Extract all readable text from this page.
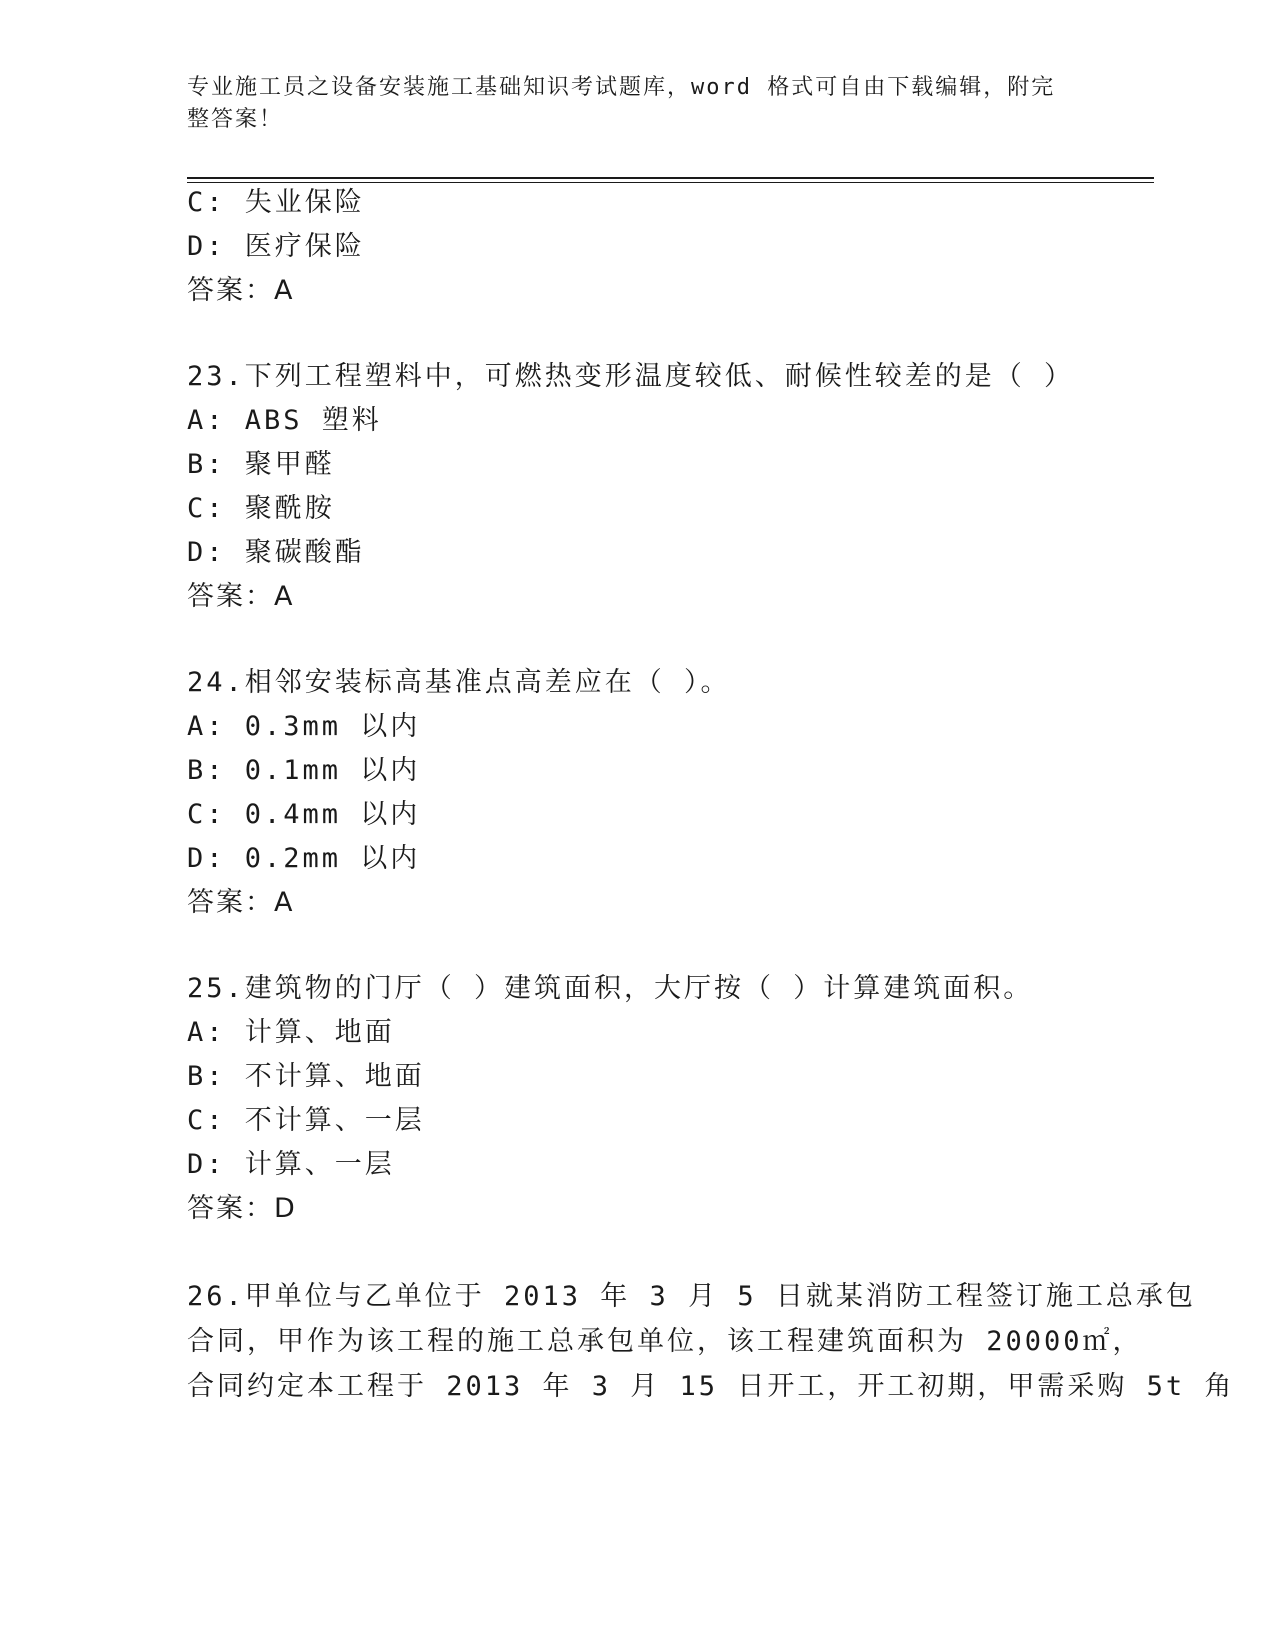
专业施工员之设备安装施工基础知识考试题库，word 格式可自由下载编辑，附完
整答案！
C: 失业保险
D: 医疗保险
答案：A
23.下列工程塑料中，可燃热变形温度较低、耐候性较差的是（ ）
A: ABS 塑料
B: 聚甲醛
C: 聚酰胺
D: 聚碳酸酯
答案：A
24.相邻安装标高基准点高差应在（ ）。
A: 0.3mm 以内
B: 0.1mm 以内
C: 0.4mm 以内
D: 0.2mm 以内
答案：A
25.建筑物的门厅（ ）建筑面积，大厅按（ ）计算建筑面积。
A: 计算、地面
B: 不计算、地面
C: 不计算、一层
D: 计算、一层
答案：D
26.甲单位与乙单位于 2013 年 3 月 5 日就某消防工程签订施工总承包
合同，甲作为该工程的施工总承包单位，该工程建筑面积为 20000㎡，
合同约定本工程于 2013 年 3 月 15 日开工，开工初期，甲需采购 5t 角
